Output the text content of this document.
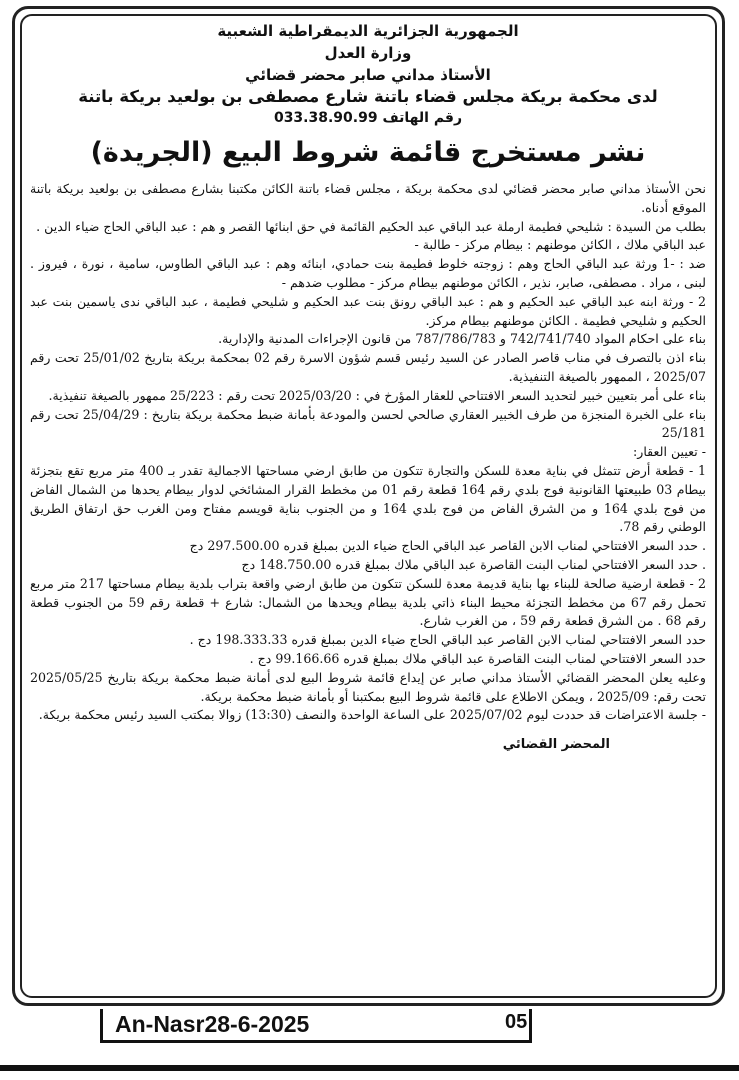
الجمهورية الجزائرية الديمقراطية الشعبية
وزارة العدل
الأستاذ مداني صابر محضر قضائي
لدى محكمة بريكة مجلس قضاء باتنة شارع مصطفى بن بولعيد بريكة باتنة
رقم الهاتف 033.38.90.99
نشر مستخرج قائمة شروط البيع (الجريدة)

نحن الأستاذ مداني صابر محضر قضائي لدى محكمة بريكة ، مجلس قضاء باتنة الكائن مكتبنا بشارع مصطفى بن بولعيد بريكة باتنة الموقع أدناه.

بطلب من السيدة : شليحي فطيمة ارملة عبد الباقي عبد الحكيم القائمة في حق ابنائها القصر و هم : عبد الباقي الحاج ضياء الدين .

عبد الباقي ملاك ، الكائن موطنهم : بيطام مركز - طالبة -

ضد : -1 ورثة عبد الباقي الحاج وهم : زوجته خلوط فطيمة بنت حمادي، ابنائه وهم : عبد الباقي الطاوس، سامية ، نورة ، فيروز . لبنى ، مراد . مصطفى، صابر، نذير ، الكائن موطنهم بيطام مركز - مطلوب ضدهم -

2 - ورثة ابنه عبد الباقي عبد الحكيم و هم : عبد الباقي رونق بنت عبد الحكيم و شليحي فطيمة ، عبد الباقي ندى ياسمين بنت عبد الحكيم و شليحي فطيمة . الكائن موطنهم بيطام مركز.

بناء على احكام المواد 742/741/740 و 787/786/783 من قانون الإجراءات المدنية والإدارية.

بناء اذن بالتصرف في مناب قاصر الصادر عن السيد رئيس قسم شؤون الاسرة رقم 02 بمحكمة بريكة بتاريخ 25/01/02 تحت رقم 2025/07 ، الممهور بالصيغة التنفيذية.

بناء على أمر بتعيين خبير لتحديد السعر الافتتاحي للعقار المؤرخ في : 2025/03/20 تحت رقم : 25/223 ممهور بالصيغة تنفيذية.

بناء على الخبرة المنجزة من طرف الخبير العقاري صالحي لحسن والمودعة بأمانة ضبط محكمة بريكة بتاريخ : 25/04/29 تحت رقم 25/181

- تعيين العقار:

1 - قطعة أرض تتمثل في بناية معدة للسكن والتجارة تتكون من طابق ارضي مساحتها الاجمالية تقدر بـ 400 متر مربع تقع بتجزئة بيطام 03 طبيعتها القانونية فوج بلدي رقم 164 قطعة رقم 01 من مخطط القرار المشائخي لدوار بيطام يحدها من الشمال الفاض من فوج بلدي 164 و من الشرق الفاض من فوج بلدي 164 و من الجنوب بناية قويسم مفتاح ومن الغرب حق ارتفاق الطريق الوطني رقم 78.

. حدد السعر الافتتاحي لمناب الابن القاصر عبد الباقي الحاج ضياء الدين بمبلغ قدره 297.500.00 دج

. حدد السعر الافتتاحي لمناب البنت القاصرة عبد الباقي ملاك بمبلغ قدره 148.750.00 دج

2 - قطعة ارضية صالحة للبناء بها بناية قديمة معدة للسكن تتكون من طابق ارضي واقعة بتراب بلدية بيطام مساحتها 217 متر مربع تحمل رقم 67 من مخطط التجزئة محيط البناء ذاتي بلدية بيطام ويحدها من الشمال: شارع + قطعة رقم 59 من الجنوب قطعة رقم 68 . من الشرق قطعة رقم 59 ، من الغرب شارع.

حدد السعر الافتتاحي لمناب الابن القاصر عبد الباقي الحاج ضياء الدين بمبلغ قدره 198.333.33 دج .

حدد السعر الافتتاحي لمناب البنت القاصرة عبد الباقي ملاك بمبلغ قدره 99.166.66 دج .

وعليه يعلن المحضر القضائي الأستاذ مداني صابر عن إيداع قائمة شروط البيع لدى أمانة ضبط محكمة بريكة بتاريخ 2025/05/25 تحت رقم: 2025/09 ، ويمكن الاطلاع على قائمة شروط البيع بمكتبنا أو بأمانة ضبط محكمة بريكة.

- جلسة الاعتراضات قد حددت ليوم 2025/07/02 على الساعة الواحدة والنصف (13:30) زوالا بمكتب السيد رئيس محكمة بريكة.

المحضر القضائي
An-Nasr28-6-2025	05
